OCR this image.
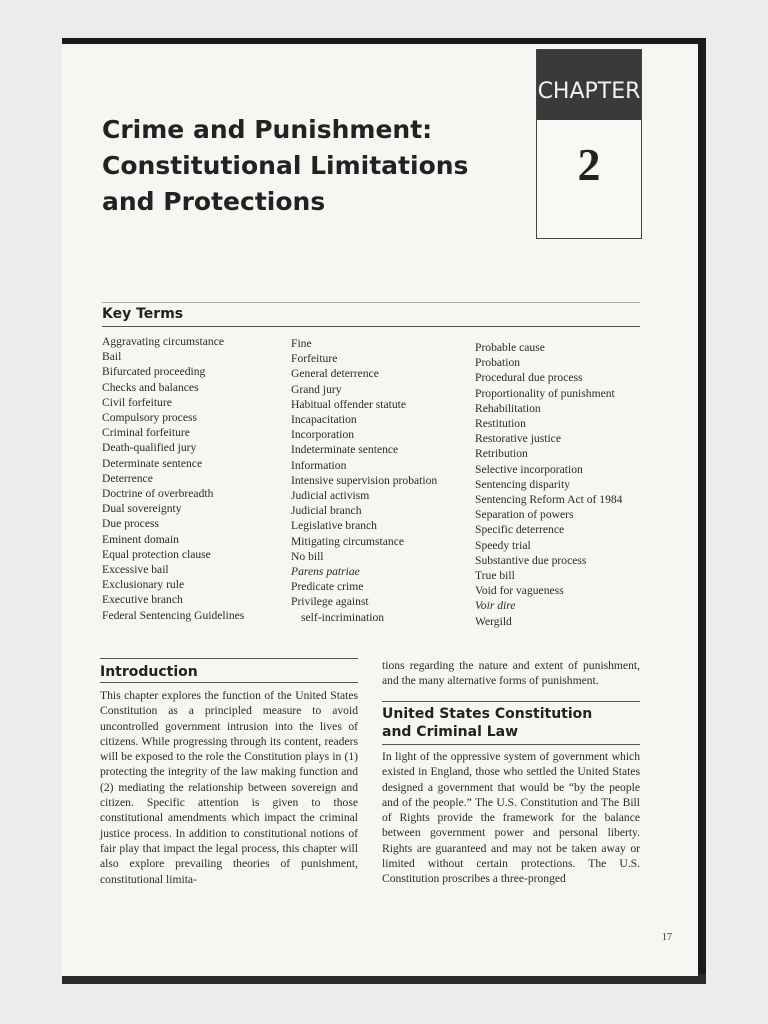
CHAPTER
2
Crime and Punishment:
Constitutional Limitations
and Protections
Key Terms
Aggravating circumstance
Bail
Bifurcated proceeding
Checks and balances
Civil forfeiture
Compulsory process
Criminal forfeiture
Death-qualified jury
Determinate sentence
Deterrence
Doctrine of overbreadth
Dual sovereignty
Due process
Eminent domain
Equal protection clause
Excessive bail
Exclusionary rule
Executive branch
Federal Sentencing Guidelines
Fine
Forfeiture
General deterrence
Grand jury
Habitual offender statute
Incapacitation
Incorporation
Indeterminate sentence
Information
Intensive supervision probation
Judicial activism
Judicial branch
Legislative branch
Mitigating circumstance
No bill
Parens patriae
Predicate crime
Privilege against
self-incrimination
Probable cause
Probation
Procedural due process
Proportionality of punishment
Rehabilitation
Restitution
Restorative justice
Retribution
Selective incorporation
Sentencing disparity
Sentencing Reform Act of 1984
Separation of powers
Specific deterrence
Speedy trial
Substantive due process
True bill
Void for vagueness
Voir dire
Wergild
Introduction

This chapter explores the function of the United States Constitution as a principled measure to avoid uncontrolled government intrusion into the lives of citizens. While progressing through its content, readers will be exposed to the role the Constitution plays in (1) protecting the integrity of the law making function and (2) mediating the relationship between sovereign and citizen. Specific attention is given to those constitutional amendments which impact the criminal justice process. In addition to constitutional notions of fair play that impact the legal process, this chapter will also explore prevailing theories of punishment, constitutional limita-

tions regarding the nature and extent of punishment, and the many alternative forms of punishment.

United States Constitution
and Criminal Law

In light of the oppressive system of government which existed in England, those who settled the United States designed a government that would be “by the people and of the people.” The U.S. Constitution and The Bill of Rights provide the framework for the balance between government power and personal liberty. Rights are guaranteed and may not be taken away or limited without certain protections. The U.S. Constitution proscribes a three-pronged

17
